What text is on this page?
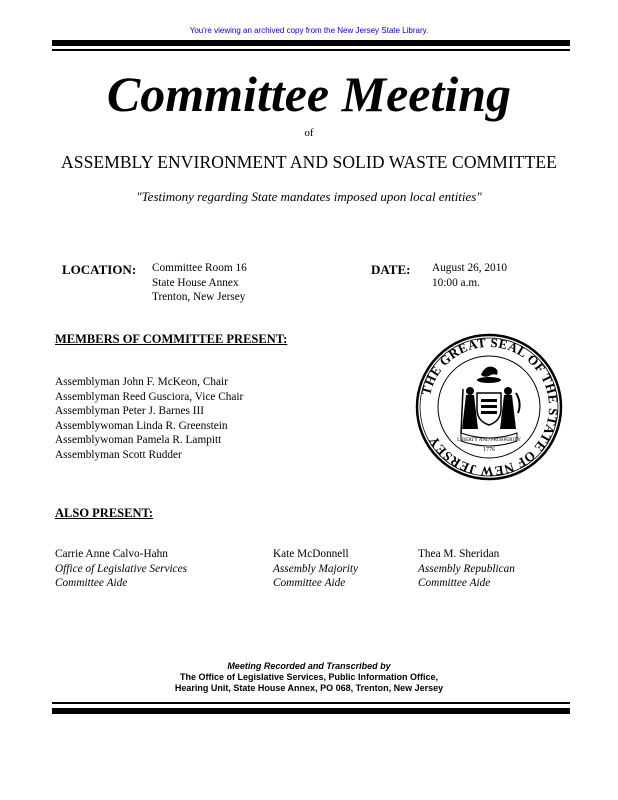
You're viewing an archived copy from the New Jersey State Library.
Committee Meeting
of
ASSEMBLY ENVIRONMENT AND SOLID WASTE COMMITTEE
"Testimony regarding State mandates imposed upon local entities"
LOCATION: Committee Room 16
State House Annex
Trenton, New Jersey
DATE: August 26, 2010
10:00 a.m.
MEMBERS OF COMMITTEE PRESENT:
Assemblyman John F. McKeon, Chair
Assemblyman Reed Gusciora, Vice Chair
Assemblyman Peter J. Barnes III
Assemblywoman Linda R. Greenstein
Assemblywoman Pamela R. Lampitt
Assemblyman Scott Rudder
THE GREAT SEAL OF THE STATE OF NEW JERSEY	LIBERTY AND PROSPERITY
1776
ALSO PRESENT:
Carrie Anne Calvo-Hahn
Office of Legislative Services
Committee Aide
Kate McDonnell
Assembly Majority
Committee Aide
Thea M. Sheridan
Assembly Republican
Committee Aide
Meeting Recorded and Transcribed by
The Office of Legislative Services, Public Information Office,
Hearing Unit, State House Annex, PO 068, Trenton, New Jersey
